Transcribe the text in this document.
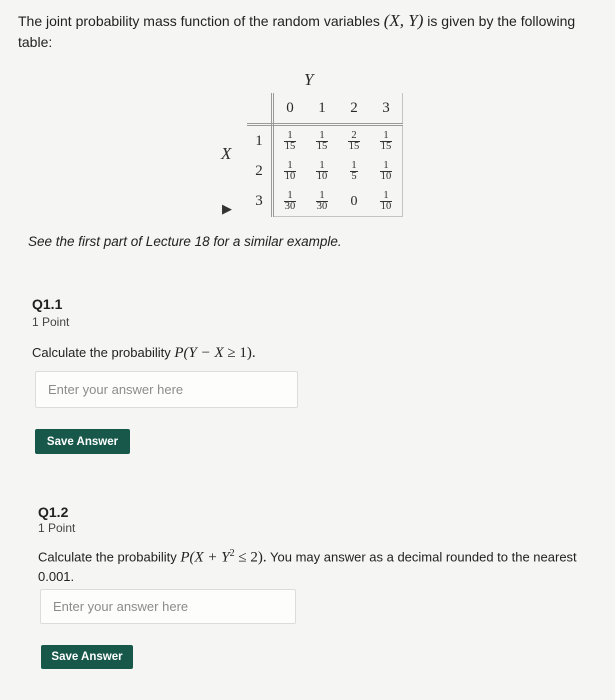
The joint probability mass function of the random variables (X, Y) is given by the following table:
Y
X
▶
	0	1	2	3
1	$\frac{1}{15}$	$\frac{1}{15}$	$\frac{2}{15}$	$\frac{1}{15}$

2	$\frac{1}{10}$	$\frac{1}{10}$	$\frac{1}{5}$	$\frac{1}{10}$

3	$\frac{1}{30}$	$\frac{1}{30}$	0	$\frac{1}{10}$
See the first part of Lecture 18 for a similar example.
Q1.1
1 Point
Calculate the probability P(Y − X ≥ 1).
Enter your answer here
Save Answer
Q1.2
1 Point
Calculate the probability $P(X + Y^2 \le 2)$. You may answer as a decimal rounded to the nearest 0.001.
Enter your answer here
Save Answer
